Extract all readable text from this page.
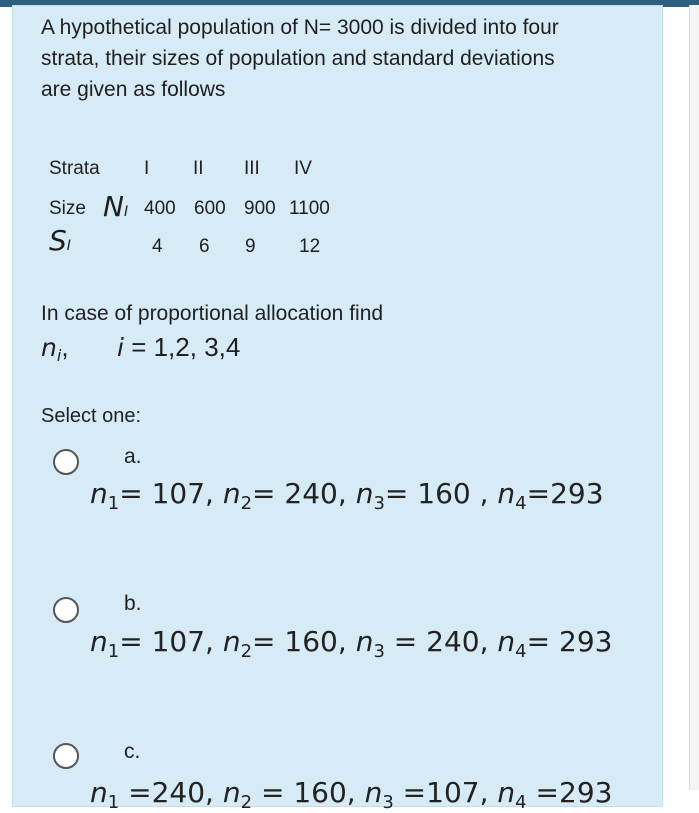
A hypothetical population of N= 3000 is divided into four strata, their sizes of population and standard deviations are given as follows

Strata I II III IV
Size NI 400 600 900 1100
SI	4 6 9 12

In case of proportional allocation find

$n_i$, i = 1,2, 3,4

Select one:

a.
$n_1= 107$, $n_2= 240$, $n_3= 160$ , $n_4=293$
b.
$n_1= 107$, $n_2= 160$, $n_3 = 240$, $n_4= 293$
c.
$n_1 =240$, $n_2 = 160$, $n_3 =107$, $n_4 =293$
